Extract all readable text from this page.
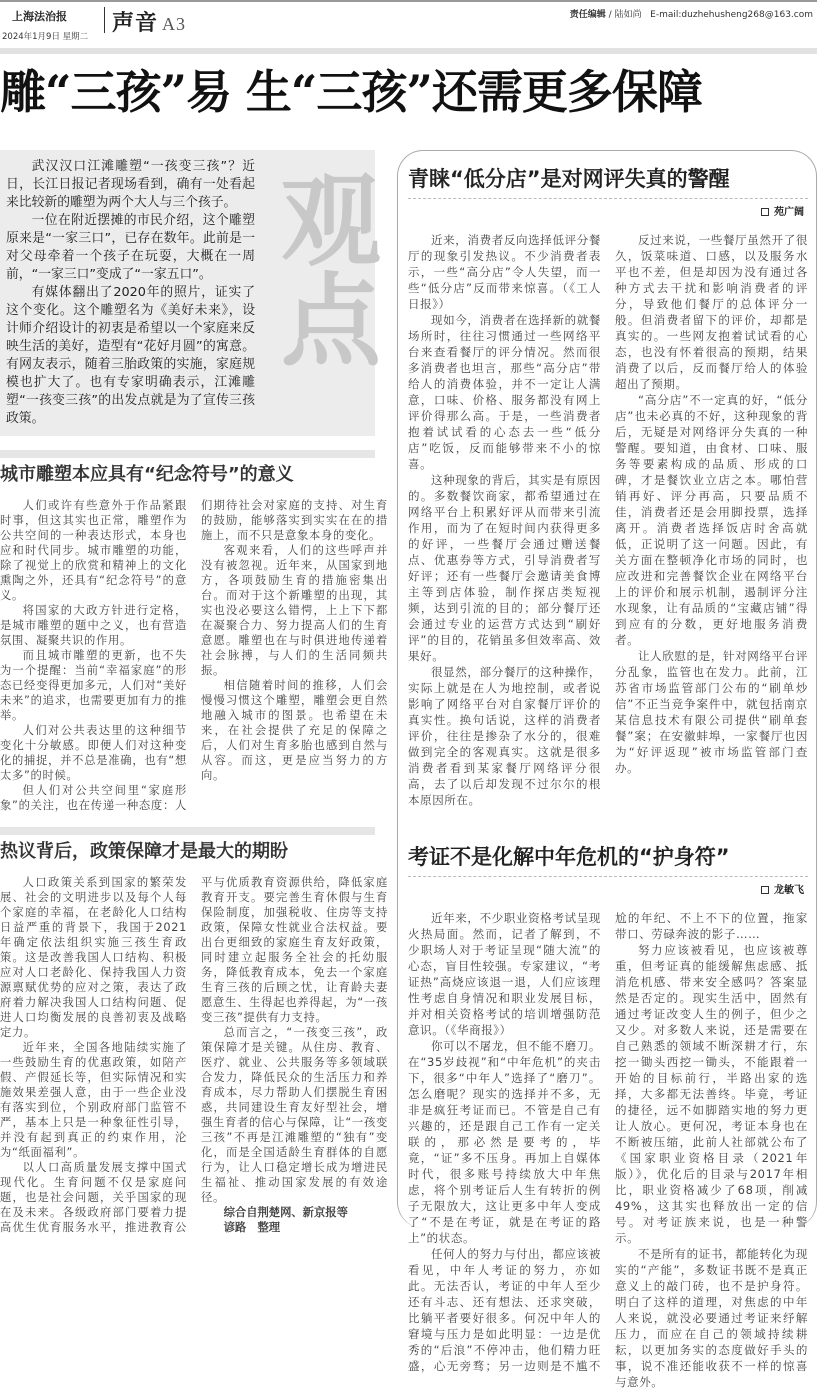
上海法治报
2024年1月9日 星期二
声音 A3	责任编辑 / 陆如尚 E-mail:duzhehusheng268@163.com
雕“三孩”易 生“三孩”还需更多保障

武汉汉口江滩雕塑“一孩变三孩”？近日，长江日报记者现场看到，确有一处看起来比较新的雕塑为两个大人与三个孩子。

一位在附近摆摊的市民介绍，这个雕塑原来是“一家三口”，已存在数年。此前是一对父母牵着一个孩子在玩耍，大概在一周前，“一家三口”变成了“一家五口”。

有媒体翻出了2020年的照片，证实了这个变化。这个雕塑名为《美好未来》，设计师介绍设计的初衷是希望以一个家庭来反映生活的美好，造型有“花好月圆”的寓意。有网友表示，随着三胎政策的实施，家庭规模也扩大了。也有专家明确表示，江滩雕塑“一孩变三孩”的出发点就是为了宣传三孩政策。

观点
城市雕塑本应具有“纪念符号”的意义

人们或许有些意外于作品紧跟时事，但这其实也正常，雕塑作为公共空间的一种表达形式，本身也应和时代同步。城市雕塑的功能，除了视觉上的欣赏和精神上的文化熏陶之外，还具有“纪念符号”的意义。

将国家的大政方针进行定格，是城市雕塑的题中之义，也有营造氛围、凝聚共识的作用。

而且城市雕塑的更新，也不失为一个提醒：当前“幸福家庭”的形态已经变得更加多元，人们对“美好未来”的追求，也需要更加有力的推举。

人们对公共表达里的这种细节变化十分敏感。即便人们对这种变化的捕捉，并不总是准确，也有“想太多”的时候。

但人们对公共空间里“家庭形象”的关注，也在传递一种态度：人们期待社会对家庭的支持、对生育的鼓励，能够落实到实实在在的措施上，而不只是意象本身的变化。

客观来看，人们的这些呼声并没有被忽视。近年来，从国家到地方，各项鼓励生育的措施密集出台。而对于这个新雕塑的出现，其实也没必要这么错愕，上上下下都在凝聚合力、努力提高人们的生育意愿。雕塑也在与时俱进地传递着社会脉搏，与人们的生活同频共振。

相信随着时间的推移，人们会慢慢习惯这个雕塑，雕塑会更自然地融入城市的图景。也希望在未来，在社会提供了充足的保障之后，人们对生育多胎也感到自然与从容。而这，更是应当努力的方向。

热议背后，政策保障才是最大的期盼

人口政策关系到国家的繁荣发展、社会的文明进步以及每个人每个家庭的幸福，在老龄化人口结构日益严重的背景下，我国于2021年确定依法组织实施三孩生育政策。这是改善我国人口结构、积极应对人口老龄化、保持我国人力资源禀赋优势的应对之策，表达了政府着力解决我国人口结构问题、促进人口均衡发展的良善初衷及战略定力。

近年来，全国各地陆续实施了一些鼓励生育的优惠政策，如陪产假、产假延长等，但实际情况和实施效果差强人意，由于一些企业没有落实到位，个别政府部门监管不严，基本上只是一种象征性引导，并没有起到真正的约束作用，沦为“纸面福利”。

以人口高质量发展支撑中国式现代化。生育问题不仅是家庭问题，也是社会问题，关乎国家的现在及未来。各级政府部门要着力提高优生优育服务水平，推进教育公平与优质教育资源供给，降低家庭教育开支。要完善生育休假与生育保险制度，加强税收、住房等支持政策，保障女性就业合法权益。要出台更细致的家庭生育友好政策，同时建立起服务全社会的托幼服务，降低教育成本，免去一个家庭生育三孩的后顾之忧，让育龄夫妻愿意生、生得起也养得起，为“一孩变三孩”提供有力支持。

总而言之，“一孩变三孩”，政策保障才是关键。从住房、教育、医疗、就业、公共服务等多领域联合发力，降低民众的生活压力和养育成本，尽力帮助人们摆脱生育困惑，共同建设生育友好型社会，增强生育者的信心与保障，让“一孩变三孩”不再是江滩雕塑的“独有”变化，而是全国适龄生育群体的自愿行为，让人口稳定增长成为增进民生福祉、推动国家发展的有效途径。

综合自荆楚网、新京报等

谚路　整理

青睐“低分店”是对网评失真的警醒
苑广阔

近来，消费者反向选择低评分餐厅的现象引发热议。不少消费者表示，一些“高分店”令人失望，而一些“低分店”反而带来惊喜。（《工人日报》）

现如今，消费者在选择新的就餐场所时，往往习惯通过一些网络平台来查看餐厅的评分情况。然而很多消费者也坦言，那些“高分店”带给人的消费体验，并不一定让人满意，口味、价格、服务都没有网上评价得那么高。于是，一些消费者抱着试试看的心态去一些“低分店”吃饭，反而能够带来不小的惊喜。

这种现象的背后，其实是有原因的。多数餐饮商家，都希望通过在网络平台上积累好评从而带来引流作用，而为了在短时间内获得更多的好评，一些餐厅会通过赠送餐点、优惠券等方式，引导消费者写好评；还有一些餐厅会邀请美食博主等到店体验，制作探店类短视频，达到引流的目的；部分餐厅还会通过专业的运营方式达到“刷好评”的目的，花销虽多但效率高、效果好。

很显然，部分餐厅的这种操作，实际上就是在人为地控制，或者说影响了网络平台对自家餐厅评价的真实性。换句话说，这样的消费者评价，往往是掺杂了水分的，很难做到完全的客观真实。这就是很多消费者看到某家餐厅网络评分很高，去了以后却发现不过尔尔的根本原因所在。

反过来说，一些餐厅虽然开了很久，饭菜味道、口感，以及服务水平也不差，但是却因为没有通过各种方式去干扰和影响消费者的评分，导致他们餐厅的总体评分一般。但消费者留下的评价，却都是真实的。一些网友抱着试试看的心态，也没有怀着很高的预期，结果消费了以后，反而餐厅给人的体验超出了预期。

“高分店”不一定真的好，“低分店”也未必真的不好，这种现象的背后，无疑是对网络评分失真的一种警醒。要知道，由食材、口味、服务等要素构成的品质、形成的口碑，才是餐饮业立店之本。哪怕营销再好、评分再高，只要品质不佳，消费者还是会用脚投票，选择离开。消费者选择饭店时舍高就低，正说明了这一问题。因此，有关方面在整顿净化市场的同时，也应改进和完善餐饮企业在网络平台上的评价和展示机制，遏制评分注水现象，让有品质的“宝藏店铺”得到应有的分数，更好地服务消费者。

让人欣慰的是，针对网络平台评分乱象，监管也在发力。此前，江苏省市场监管部门公布的“刷单炒信”不正当竞争案件中，就包括南京某信息技术有限公司提供“刷单套餐”案；在安徽蚌埠，一家餐厅也因为“好评返现”被市场监管部门查办。

考证不是化解中年危机的“护身符”
龙敏飞

近年来，不少职业资格考试呈现火热局面。然而，记者了解到，不少职场人对于考证呈现“随大流”的心态，盲目性较强。专家建议，“考证热”高烧应该退一退，人们应该理性考虑自身情况和职业发展目标，并对相关资格考试的培训增强防范意识。（《华商报》）

你可以不屠龙，但不能不磨刀。在“35岁歧视”和“中年危机”的夹击下，很多“中年人”选择了“磨刀”。怎么磨呢？现实的选择并不多，无非是疯狂考证而已。不管是自己有兴趣的，还是跟自己工作有一定关联的，那必然是要考的，毕竟，“证”多不压身。再加上自媒体时代，很多账号持续放大中年焦虑，将个别考证后人生有转折的例子无限放大，这让更多中年人变成了“不是在考证，就是在考证的路上”的状态。

任何人的努力与付出，都应该被看见，中年人考证的努力，亦如此。无法否认，考证的中年人至少还有斗志、还有想法、还求突破，比躺平者要好很多。何况中年人的窘境与压力是如此明显：一边是优秀的“后浪”不停冲击，他们精力旺盛，心无旁骛；另一边则是不尴不尬的年纪、不上不下的位置，拖家带口、劳碌奔波的影子……

努力应该被看见，也应该被尊重，但考证真的能缓解焦虑感、抵消危机感、带来安全感吗？答案显然是否定的。现实生活中，固然有通过考证改变人生的例子，但少之又少。对多数人来说，还是需要在自己熟悉的领域不断深耕才行，东挖一锄头西挖一锄头，不能跟着一开始的目标前行，半路出家的选择，大多都无法善终。毕竟，考证的捷径，远不如脚踏实地的努力更让人放心。更何况，考证本身也在不断被压缩，此前人社部就公布了《国家职业资格目录（2021年版）》，优化后的目录与2017年相比，职业资格减少了68项，削减49%，这其实也释放出一定的信号。对考证族来说，也是一种警示。

不是所有的证书，都能转化为现实的“产能”，多数证书既不是真正意义上的敲门砖，也不是护身符。明白了这样的道理，对焦虑的中年人来说，就没必要通过考证来纾解压力，而应在自己的领域持续耕耘，以更加务实的态度做好手头的事，说不准还能收获不一样的惊喜与意外。
